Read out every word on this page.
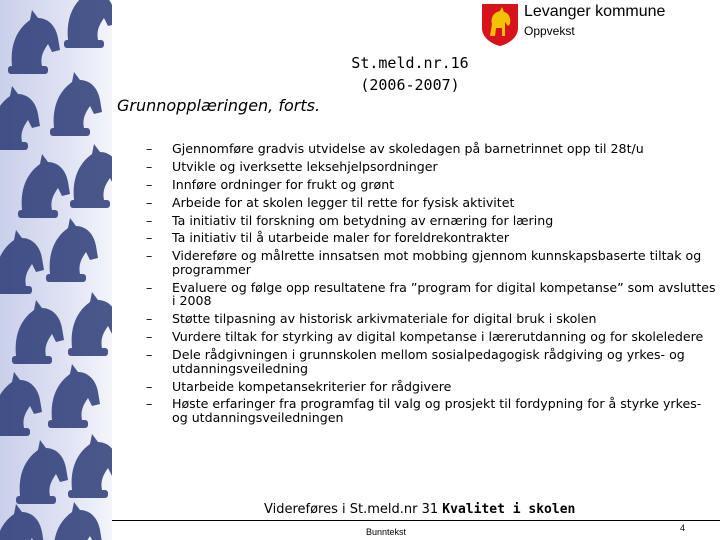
Levanger kommune
Oppvekst
St.meld.nr.16
(2006-2007)
Grunnopplæringen, forts.
– Gjennomføre gradvis utvidelse av skoledagen på barnetrinnet opp til 28t/u
– Utvikle og iverksette leksehjelpsordninger
– Innføre ordninger for frukt og grønt
– Arbeide for at skolen legger til rette for fysisk aktivitet
– Ta initiativ til forskning om betydning av ernæring for læring
– Ta initiativ til å utarbeide maler for foreldrekontrakter
– Videreføre og målrette innsatsen mot mobbing gjennom kunnskapsbaserte tiltak og programmer
– Evaluere og følge opp resultatene fra ”program for digital kompetanse” som avsluttes i 2008
– Støtte tilpasning av historisk arkivmateriale for digital bruk i skolen
– Vurdere tiltak for styrking av digital kompetanse i lærerutdanning og for skoleledere
– Dele rådgivningen i grunnskolen mellom sosialpedagogisk rådgiving og yrkes- og utdanningsveiledning
– Utarbeide kompetansekriterier for rådgivere
– Høste erfaringer fra programfag til valg og prosjekt til fordypning for å styrke yrkes- og utdanningsveiledningen
Videreføres i St.meld.nr 31 Kvalitet i skolen
Bunntekst	4
